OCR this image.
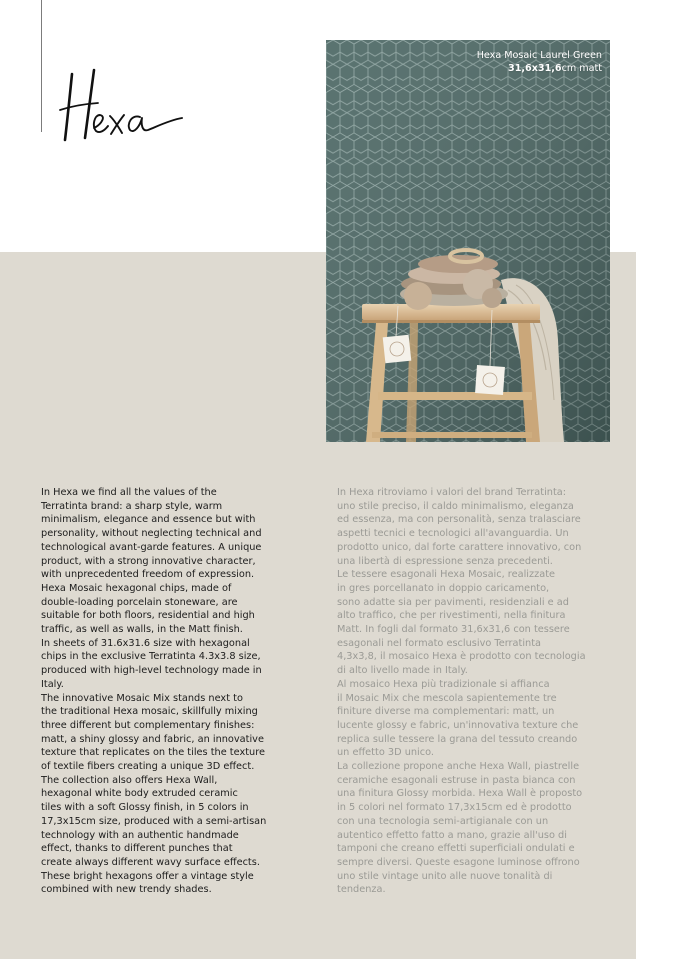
Hexa Mosaic Laurel Green
31,6x31,6cm matt

In Hexa we find all the values of the
Terratinta brand: a sharp style, warm
minimalism, elegance and essence but with
personality, without neglecting technical and
technological avant-garde features. A unique
product, with a strong innovative character,
with unprecedented freedom of expression.

Hexa Mosaic hexagonal chips, made of
double-loading porcelain stoneware, are
suitable for both floors, residential and high
traffic, as well as walls, in the Matt finish.
In sheets of 31.6x31.6 size with hexagonal
chips in the exclusive Terratinta 4.3x3.8 size,
produced with high-level technology made in
Italy.

The innovative Mosaic Mix stands next to
the traditional Hexa mosaic, skillfully mixing
three different but complementary finishes:
matt, a shiny glossy and fabric, an innovative
texture that replicates on the tiles the texture
of textile fibers creating a unique 3D effect.

The collection also offers Hexa Wall,
hexagonal white body extruded ceramic
tiles with a soft Glossy finish, in 5 colors in
17,3x15cm size, produced with a semi-artisan
technology with an authentic handmade
effect, thanks to different punches that
create always different wavy surface effects.
These bright hexagons offer a vintage style
combined with new trendy shades.

In Hexa ritroviamo i valori del brand Terratinta:
uno stile preciso, il caldo minimalismo, eleganza
ed essenza, ma con personalità, senza tralasciare
aspetti tecnici e tecnologici all'avanguardia. Un
prodotto unico, dal forte carattere innovativo, con
una libertà di espressione senza precedenti.

Le tessere esagonali Hexa Mosaic, realizzate
in gres porcellanato in doppio caricamento,
sono adatte sia per pavimenti, residenziali e ad
alto traffico, che per rivestimenti, nella finitura
Matt. In fogli dal formato 31,6x31,6 con tessere
esagonali nel formato esclusivo Terratinta
4,3x3,8, il mosaico Hexa è prodotto con tecnologia
di alto livello made in Italy.

Al mosaico Hexa più tradizionale si affianca
il Mosaic Mix che mescola sapientemente tre
finiture diverse ma complementari: matt, un
lucente glossy e fabric, un'innovativa texture che
replica sulle tessere la grana del tessuto creando
un effetto 3D unico.

La collezione propone anche Hexa Wall, piastrelle
ceramiche esagonali estruse in pasta bianca con
una finitura Glossy morbida. Hexa Wall è proposto
in 5 colori nel formato 17,3x15cm ed è prodotto
con una tecnologia semi-artigianale con un
autentico effetto fatto a mano, grazie all'uso di
tamponi che creano effetti superficiali ondulati e
sempre diversi. Queste esagone luminose offrono
uno stile vintage unito alle nuove tonalità di
tendenza.
